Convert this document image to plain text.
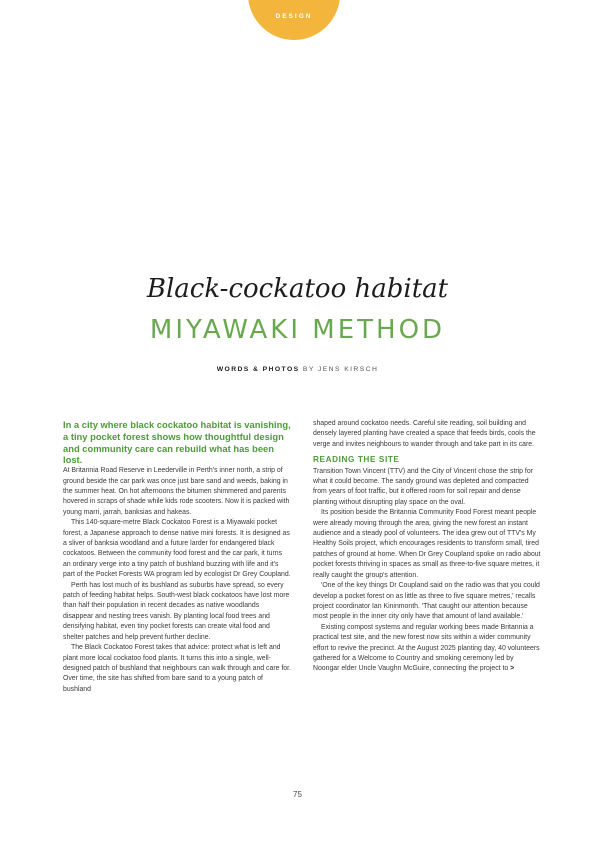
DESIGN
Black-cockatoo habitat
MIYAWAKI METHOD
WORDS & PHOTOS BY JENS KIRSCH

In a city where black cockatoo habitat is vanishing, a tiny pocket forest shows how thoughtful design and community care can rebuild what has been lost.

At Britannia Road Reserve in Leederville in Perth's inner north, a strip of ground beside the car park was once just bare sand and weeds, baking in the summer heat. On hot afternoons the bitumen shimmered and parents hovered in scraps of shade while kids rode scooters. Now it is packed with young marri, jarrah, banksias and hakeas.

This 140-square-metre Black Cockatoo Forest is a Miyawaki pocket forest, a Japanese approach to dense native mini forests. It is designed as a sliver of banksia woodland and a future larder for endangered black cockatoos. Between the community food forest and the car park, it turns an ordinary verge into a tiny patch of bushland buzzing with life and it's part of the Pocket Forests WA program led by ecologist Dr Grey Coupland.

Perth has lost much of its bushland as suburbs have spread, so every patch of feeding habitat helps. South-west black cockatoos have lost more than half their population in recent decades as native woodlands disappear and nesting trees vanish. By planting local food trees and densifying habitat, even tiny pocket forests can create vital food and shelter patches and help prevent further decline.

The Black Cockatoo Forest takes that advice: protect what is left and plant more local cockatoo food plants. It turns this into a single, well-designed patch of bushland that neighbours can walk through and care for. Over time, the site has shifted from bare sand to a young patch of bushland

shaped around cockatoo needs. Careful site reading, soil building and densely layered planting have created a space that feeds birds, cools the verge and invites neighbours to wander through and take part in its care.

READING THE SITE

Transition Town Vincent (TTV) and the City of Vincent chose the strip for what it could become. The sandy ground was depleted and compacted from years of foot traffic, but it offered room for soil repair and dense planting without disrupting play space on the oval.

Its position beside the Britannia Community Food Forest meant people were already moving through the area, giving the new forest an instant audience and a steady pool of volunteers. The idea grew out of TTV's My Healthy Soils project, which encourages residents to transform small, tired patches of ground at home. When Dr Grey Coupland spoke on radio about pocket forests thriving in spaces as small as three-to-five square metres, it really caught the group's attention.

'One of the key things Dr Coupland said on the radio was that you could develop a pocket forest on as little as three to five square metres,' recalls project coordinator Ian Kininmonth. 'That caught our attention because most people in the inner city only have that amount of land available.'

Existing compost systems and regular working bees made Britannia a practical test site, and the new forest now sits within a wider community effort to revive the precinct. At the August 2025 planting day, 40 volunteers gathered for a Welcome to Country and smoking ceremony led by Noongar elder Uncle Vaughn McGuire, connecting the project to >

75
